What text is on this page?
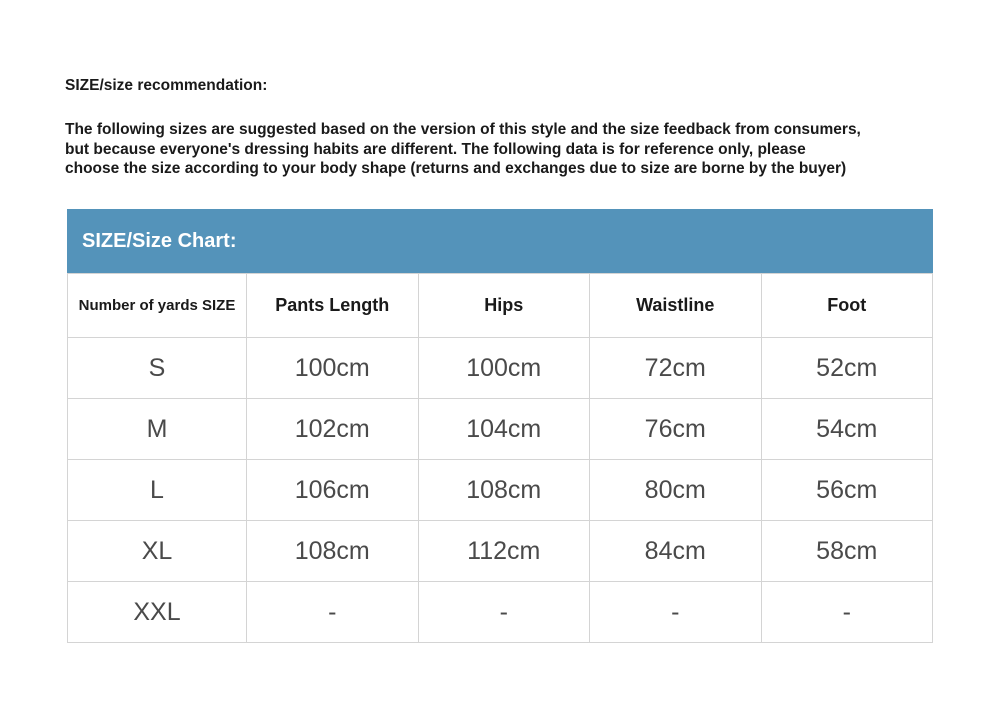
SIZE/size recommendation:
The following sizes are suggested based on the version of this style and the size feedback from consumers,
but because everyone's dressing habits are different. The following data is for reference only, please
choose the size according to your body shape (returns and exchanges due to size are borne by the buyer)
SIZE/Size Chart:
Number of yards SIZE	Pants Length	Hips	Waistline	Foot
S	100cm	100cm	72cm	52cm
M	102cm	104cm	76cm	54cm
L	106cm	108cm	80cm	56cm
XL	108cm	112cm	84cm	58cm
XXL	-	-	-	-
